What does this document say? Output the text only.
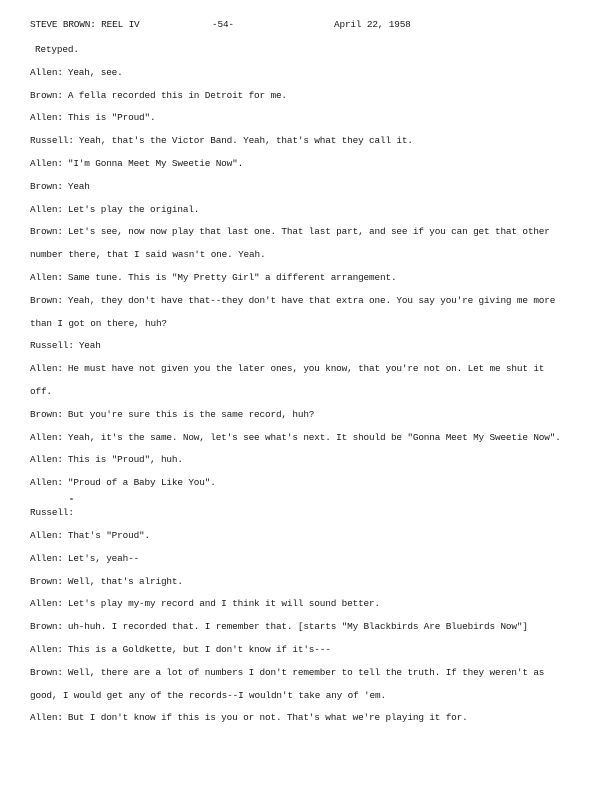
STEVE BROWN: REEL IV	-54-	April 22, 1958
Retyped.
Allen: Yeah, see.
Brown: A fella recorded this in Detroit for me.
Allen: This is "Proud".
Russell: Yeah, that's the Victor Band. Yeah, that's what they call it.
Allen: "I'm Gonna Meet My Sweetie Now".
Brown: Yeah
Allen: Let's play the original.
Brown: Let's see, now now play that last one. That last part, and see if you can get that other
number there, that I said wasn't one. Yeah.
Allen: Same tune. This is "My Pretty Girl" a different arrangement.
Brown: Yeah, they don't have that--they don't have that extra one. You say you're giving me more
than I got on there, huh?
Russell: Yeah
Allen: He must have not given you the later ones, you know, that you're not on. Let me shut it
off.
Brown: But you're sure this is the same record, huh?
Allen: Yeah, it's the same. Now, let's see what's next. It should be "Gonna Meet My Sweetie Now".
Allen: This is "Proud", huh.
Allen: "Proud of a Baby Like You".
Russell:
Allen: That's "Proud".
Allen: Let's, yeah--
Brown: Well, that's alright.
Allen: Let's play my-my record and I think it will sound better.
Brown: uh-huh. I recorded that. I remember that. [starts "My Blackbirds Are Bluebirds Now"]
Allen: This is a Goldkette, but I don't know if it's---
Brown: Well, there are a lot of numbers I don't remember to tell the truth. If they weren't as
good, I would get any of the records--I wouldn't take any of 'em.
Allen: But I don't know if this is you or not. That's what we're playing it for.
